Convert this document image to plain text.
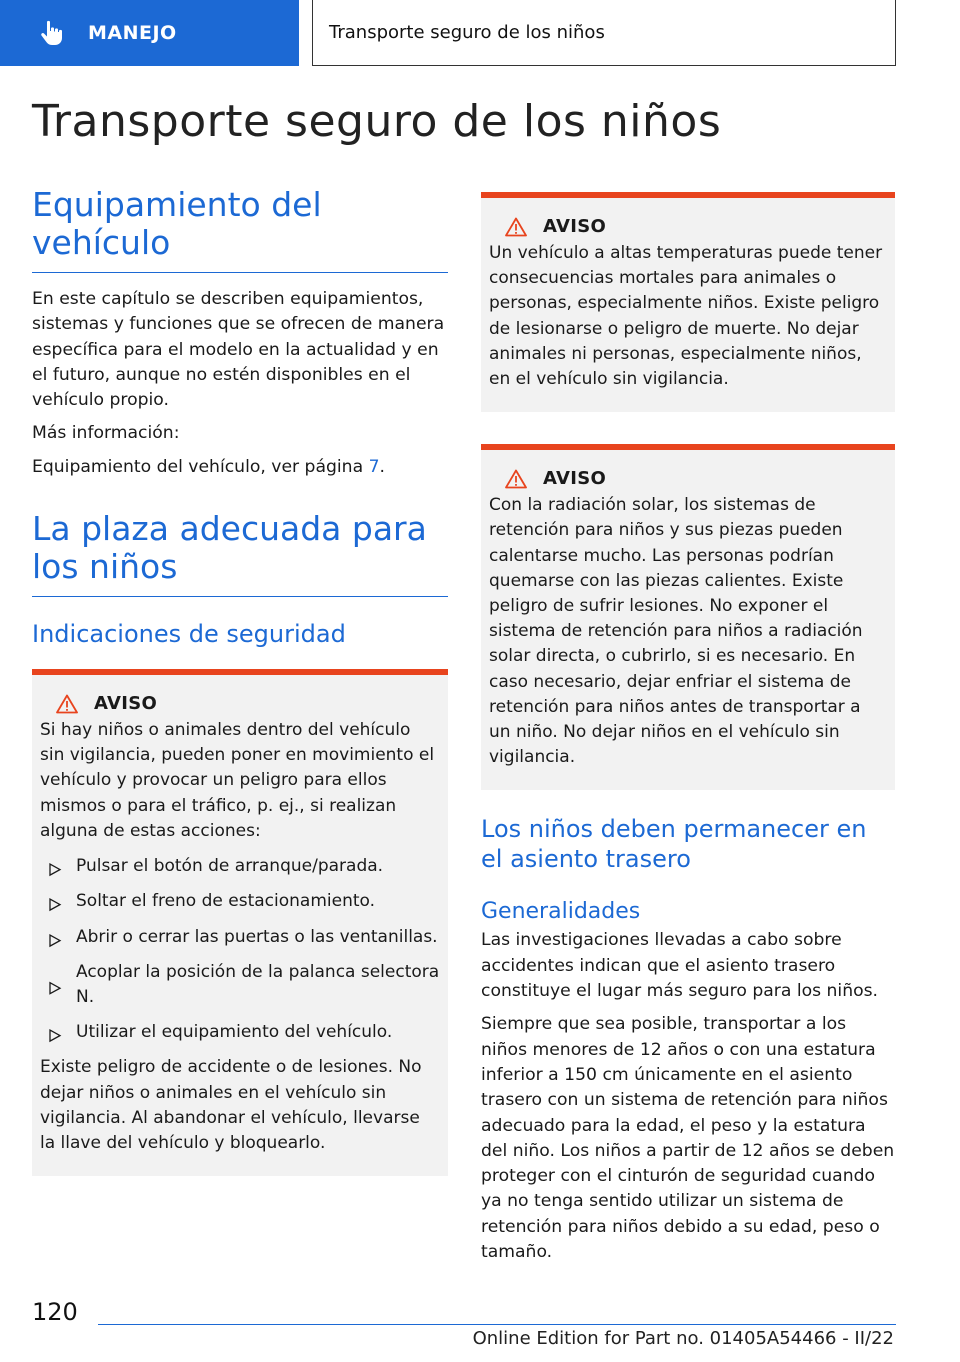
MANEJO	Transporte seguro de los niños
Transporte seguro de los niños
Equipamiento del vehículo

En este capítulo se describen equipamientos, sistemas y funciones que se ofrecen de manera específica para el modelo en la actualidad y en el futuro, aunque no estén disponibles en el vehículo propio.

Más información:

Equipamiento del vehículo, ver página 7.

La plaza adecuada para los niños
Indicaciones de seguridad
AVISO

Si hay niños o animales dentro del vehículo sin vigilancia, pueden poner en movimiento el vehículo y provocar un peligro para ellos mismos o para el tráfico, p. ej., si realizan alguna de estas acciones:

Pulsar el botón de arranque/parada.
Soltar el freno de estacionamiento.
Abrir o cerrar las puertas o las ventanillas.
Acoplar la posición de la palanca selectora N.
Utilizar el equipamiento del vehículo.

Existe peligro de accidente o de lesiones. No dejar niños o animales en el vehículo sin vigilancia. Al abandonar el vehículo, llevarse la llave del vehículo y bloquearlo.

AVISO

Un vehículo a altas temperaturas puede tener consecuencias mortales para animales o personas, especialmente niños. Existe peligro de lesionarse o peligro de muerte. No dejar animales ni personas, especialmente niños, en el vehículo sin vigilancia.

AVISO

Con la radiación solar, los sistemas de retención para niños y sus piezas pueden calentarse mucho. Las personas podrían quemarse con las piezas calientes. Existe peligro de sufrir lesiones. No exponer el sistema de retención para niños a radiación solar directa, o cubrirlo, si es necesario. En caso necesario, dejar enfriar el sistema de retención para niños antes de transportar a un niño. No dejar niños en el vehículo sin vigilancia.

Los niños deben permanecer en el asiento trasero
Generalidades

Las investigaciones llevadas a cabo sobre accidentes indican que el asiento trasero constituye el lugar más seguro para los niños.

Siempre que sea posible, transportar a los niños menores de 12 años o con una estatura inferior a 150 cm únicamente en el asiento trasero con un sistema de retención para niños adecuado para la edad, el peso y la estatura del niño. Los niños a partir de 12 años se deben proteger con el cinturón de seguridad cuando ya no tenga sentido utilizar un sistema de retención para niños debido a su edad, peso o tamaño.

120
Online Edition for Part no. 01405A54466 - II/22
